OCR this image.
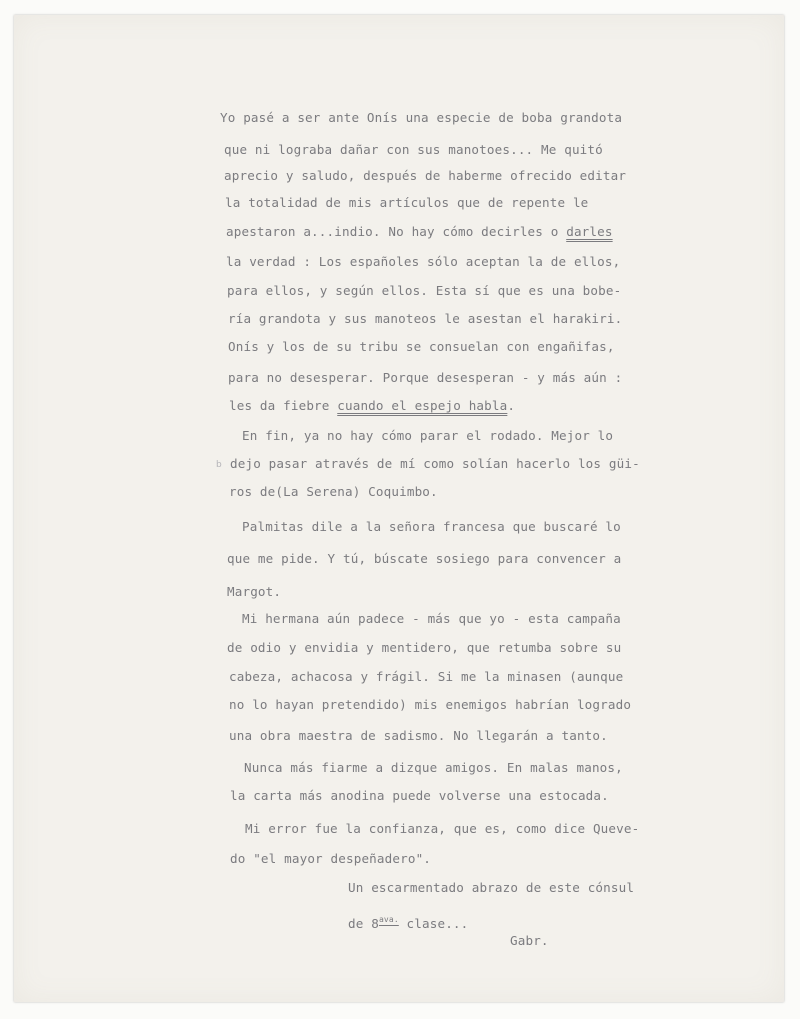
Yo pasé a ser ante Onís una especie de boba grandota
que ni lograba dañar con sus manotoes... Me quitó
aprecio y saludo, después de haberme ofrecido editar
la totalidad de mis artículos que de repente le
apestaron a...indio. No hay cómo decirles o darles
la verdad : Los españoles sólo aceptan la de ellos,
para ellos, y según ellos. Esta sí que es una bobe-
ría grandota y sus manoteos le asestan el harakiri.
Onís y los de su tribu se consuelan con engañifas,
para no desesperar. Porque desesperan - y más aún :
les da fiebre cuando el espejo habla.
En fin, ya no hay cómo parar el rodado. Mejor lo
dejo pasar através de mí como solían hacerlo los güi-
ros de(La Serena) Coquimbo.
Palmitas dile a la señora francesa que buscaré lo
que me pide. Y tú, búscate sosiego para convencer a
Margot.
Mi hermana aún padece - más que yo - esta campaña
de odio y envidia y mentidero, que retumba sobre su
cabeza, achacosa y frágil. Si me la minasen (aunque
no lo hayan pretendido) mis enemigos habrían logrado
una obra maestra de sadismo. No llegarán a tanto.
Nunca más fiarme a dizque amigos. En malas manos,
la carta más anodina puede volverse una estocada.
Mi error fue la confianza, que es, como dice Queve-
do "el mayor despeñadero".
Un escarmentado abrazo de este cónsul
de $8^{ava.}$ clase...
Gabr.
b
